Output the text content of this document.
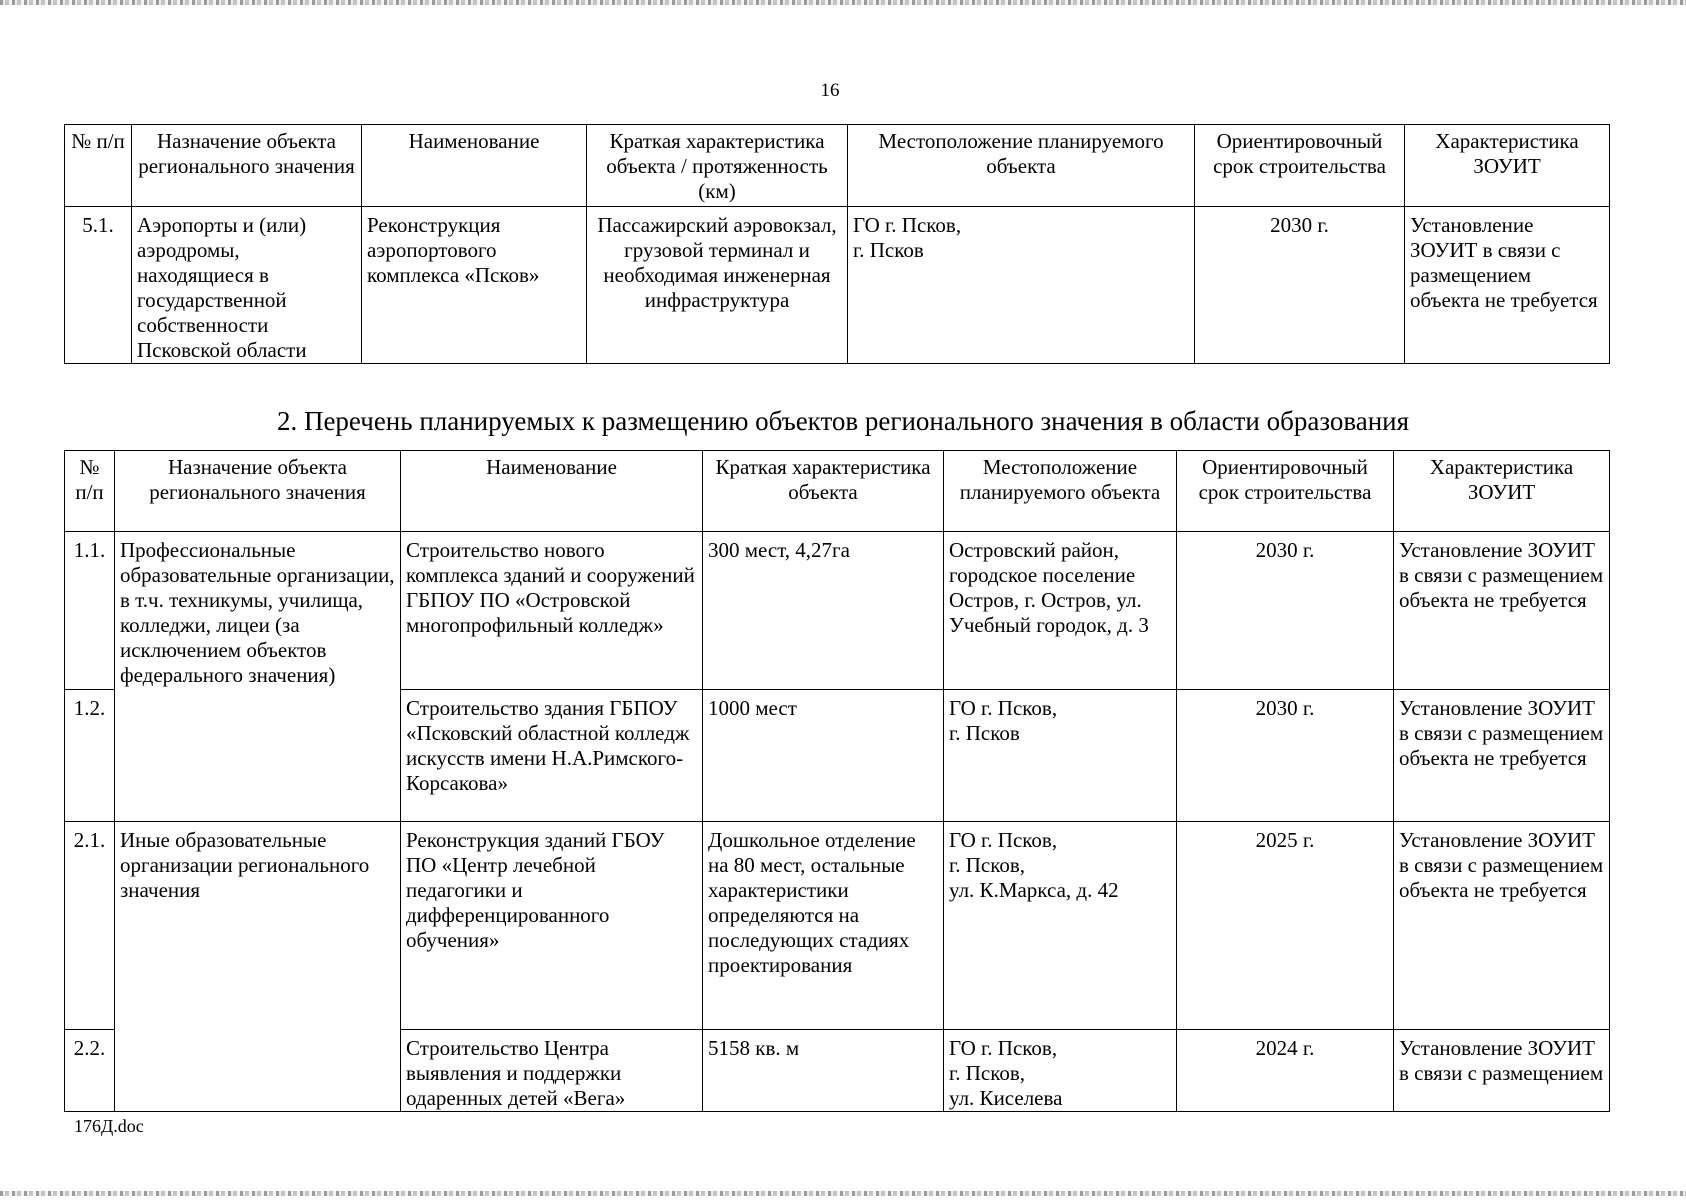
16
№ п/п	Назначение объекта регионального значения	Наименование	Краткая характеристика объекта / протяженность (км)	Местоположение планируемого объекта	Ориентировочный срок строительства	Характеристика ЗОУИТ
5.1.	Аэропорты и (или) аэродромы, находящиеся в государственной собственности Псковской области	Реконструкция аэропортового комплекса «Псков»	Пассажирский аэровокзал, грузовой терминал и необходимая инженерная инфраструктура	ГО г. Псков,
г. Псков	2030 г.	Установление ЗОУИТ в связи с размещением объекта не требуется
2. Перечень планируемых к размещению объектов регионального значения в области образования
№ п/п	Назначение объекта регионального значения	Наименование	Краткая характеристика объекта	Местоположение планируемого объекта	Ориентировочный срок строительства	Характеристика ЗОУИТ
1.1.	Профессиональные образовательные организации, в т.ч. техникумы, училища, колледжи, лицеи (за исключением объектов федерального значения)	Строительство нового комплекса зданий и сооружений ГБПОУ ПО «Островской многопрофильный колледж»	300 мест, 4,27га	Островский район, городское поселение Остров, г. Остров, ул. Учебный городок, д. 3	2030 г.	Установление ЗОУИТ в связи с размещением объекта не требуется
1.2.		Строительство здания ГБПОУ «Псковский областной колледж искусств имени Н.А.Римского-Корсакова»	1000 мест	ГО г. Псков,
г. Псков	2030 г.	Установление ЗОУИТ в связи с размещением объекта не требуется
2.1.	Иные образовательные организации регионального значения	Реконструкция зданий ГБОУ ПО «Центр лечебной педагогики и дифференцированного обучения»	Дошкольное отделение на 80 мест, остальные характеристики определяются на последующих стадиях проектирования	ГО г. Псков,
г. Псков,
ул. К.Маркса, д. 42	2025 г.	Установление ЗОУИТ в связи с размещением объекта не требуется
2.2.		Строительство Центра выявления и поддержки одаренных детей «Вега»	5158 кв. м	ГО г. Псков,
г. Псков,
ул. Киселева	2024 г.	Установление ЗОУИТ в связи с размещением
176Д.doc
